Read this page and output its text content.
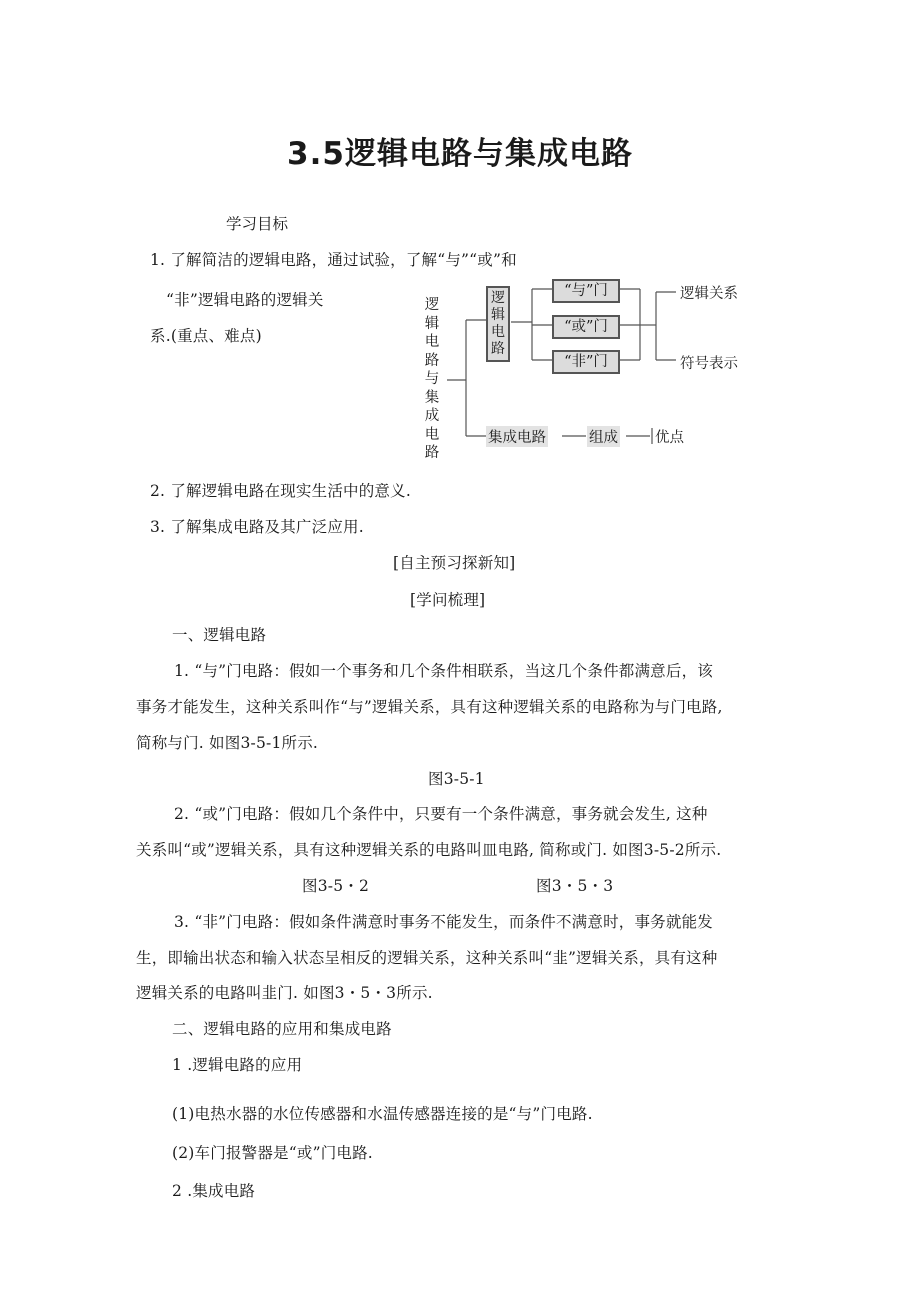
3.5逻辑电路与集成电路
学习目标
1. 了解简洁的逻辑电路，通过试验，了解“与”“或”和
“非”逻辑电路的逻辑关
系.(重点、难点)
逻辑电路与集成电路
逻辑电路
“与”门
“或”门
“非”门
逻辑关系
符号表示
集成电路	组成	优点
2. 了解逻辑电路在现实生活中的意义.
3. 了解集成电路及其广泛应用.
[自主预习探新知]
[学问梳理]
一、逻辑电路
1. “与”门电路：假如一个事务和几个条件相联系，当这几个条件都满意后，该
事务才能发生，这种关系叫作“与”逻辑关系，具有这种逻辑关系的电路称为与门电路,
简称与门. 如图3-5-1所示.
图3-5-1
2. “或”门电路：假如几个条件中，只要有一个条件满意，事务就会发生, 这种
关系叫“或”逻辑关系，具有这种逻辑关系的电路叫皿电路, 简称或门. 如图3-5-2所示.
图3-5・2	图3・5・3
3. “非”门电路：假如条件满意时事务不能发生，而条件不满意时，事务就能发
生，即输出状态和输入状态呈相反的逻辑关系，这种关系叫“韭”逻辑关系，具有这种
逻辑关系的电路叫韭门. 如图3・5・3所示.
二、逻辑电路的应用和集成电路
1 .逻辑电路的应用
(1)电热水器的水位传感器和水温传感器连接的是“与”门电路.
(2)车门报警器是“或”门电路.
2 .集成电路
